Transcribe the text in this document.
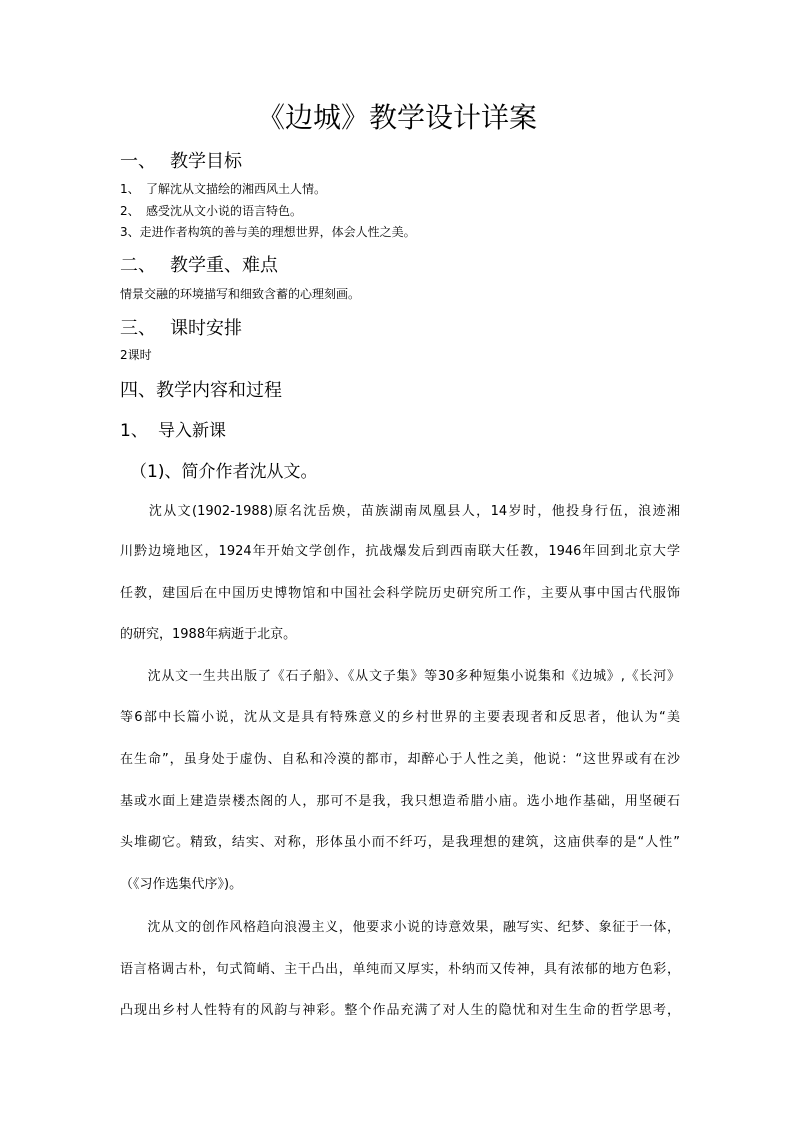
《边城》教学设计详案
一、 教学目标
1、 了解沈从文描绘的湘西风土人情。
2、 感受沈从文小说的语言特色。
3、走进作者构筑的善与美的理想世界，体会人性之美。
二、 教学重、难点
情景交融的环境描写和细致含蓄的心理刻画。
三、 课时安排
2课时
四、教学内容和过程
1、 导入新课
（1)、简介作者沈从文。
　　沈从文(1902-1988)原名沈岳焕，苗族湖南凤凰县人，14岁时，他投身行伍，浪迹湘
川黔边境地区，1924年开始文学创作，抗战爆发后到西南联大任教，1946年回到北京大学
任教，建国后在中国历史博物馆和中国社会科学院历史研究所工作，主要从事中国古代服饰
的研究，1988年病逝于北京。
　　沈从文一生共出版了《石子船》、《从文子集》等30多种短集小说集和《边城》,《长河》
等6部中长篇小说，沈从文是具有特殊意义的乡村世界的主要表现者和反思者，他认为“美
在生命”，虽身处于虚伪、自私和冷漠的都市，却醉心于人性之美，他说：“这世界或有在沙
基或水面上建造崇楼杰阁的人，那可不是我，我只想造希腊小庙。选小地作基础，用坚硬石
头堆砌它。精致，结实、对称，形体虽小而不纤巧，是我理想的建筑，这庙供奉的是“人性”
（《习作选集代序》)。
　　沈从文的创作风格趋向浪漫主义，他要求小说的诗意效果，融写实、纪梦、象征于一体，
语言格调古朴，句式简峭、主干凸出，单纯而又厚实，朴纳而又传神，具有浓郁的地方色彩，
凸现出乡村人性特有的风韵与神彩。整个作品充满了对人生的隐忧和对生生命的哲学思考，
